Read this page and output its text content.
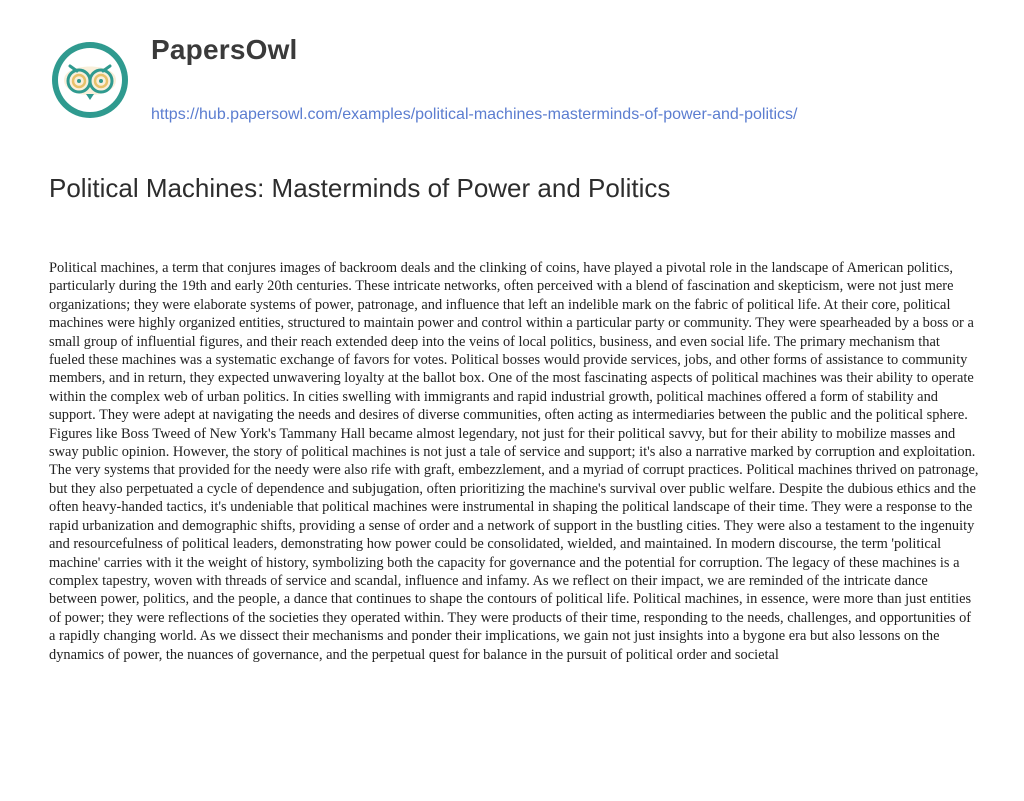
PapersOwl
https://hub.papersowl.com/examples/political-machines-masterminds-of-power-and-politics/
Political Machines: Masterminds of Power and Politics

Political machines, a term that conjures images of backroom deals and the clinking of coins, have played a pivotal role in the landscape of American politics, particularly during the 19th and early 20th centuries. These intricate networks, often perceived with a blend of fascination and skepticism, were not just mere organizations; they were elaborate systems of power, patronage, and influence that left an indelible mark on the fabric of political life. At their core, political machines were highly organized entities, structured to maintain power and control within a particular party or community. They were spearheaded by a boss or a small group of influential figures, and their reach extended deep into the veins of local politics, business, and even social life. The primary mechanism that fueled these machines was a systematic exchange of favors for votes. Political bosses would provide services, jobs, and other forms of assistance to community members, and in return, they expected unwavering loyalty at the ballot box. One of the most fascinating aspects of political machines was their ability to operate within the complex web of urban politics. In cities swelling with immigrants and rapid industrial growth, political machines offered a form of stability and support. They were adept at navigating the needs and desires of diverse communities, often acting as intermediaries between the public and the political sphere. Figures like Boss Tweed of New York's Tammany Hall became almost legendary, not just for their political savvy, but for their ability to mobilize masses and sway public opinion. However, the story of political machines is not just a tale of service and support; it's also a narrative marked by corruption and exploitation. The very systems that provided for the needy were also rife with graft, embezzlement, and a myriad of corrupt practices. Political machines thrived on patronage, but they also perpetuated a cycle of dependence and subjugation, often prioritizing the machine's survival over public welfare. Despite the dubious ethics and the often heavy-handed tactics, it's undeniable that political machines were instrumental in shaping the political landscape of their time. They were a response to the rapid urbanization and demographic shifts, providing a sense of order and a network of support in the bustling cities. They were also a testament to the ingenuity and resourcefulness of political leaders, demonstrating how power could be consolidated, wielded, and maintained. In modern discourse, the term 'political machine' carries with it the weight of history, symbolizing both the capacity for governance and the potential for corruption. The legacy of these machines is a complex tapestry, woven with threads of service and scandal, influence and infamy. As we reflect on their impact, we are reminded of the intricate dance between power, politics, and the people, a dance that continues to shape the contours of political life. Political machines, in essence, were more than just entities of power; they were reflections of the societies they operated within. They were products of their time, responding to the needs, challenges, and opportunities of a rapidly changing world. As we dissect their mechanisms and ponder their implications, we gain not just insights into a bygone era but also lessons on the dynamics of power, the nuances of governance, and the perpetual quest for balance in the pursuit of political order and societal
